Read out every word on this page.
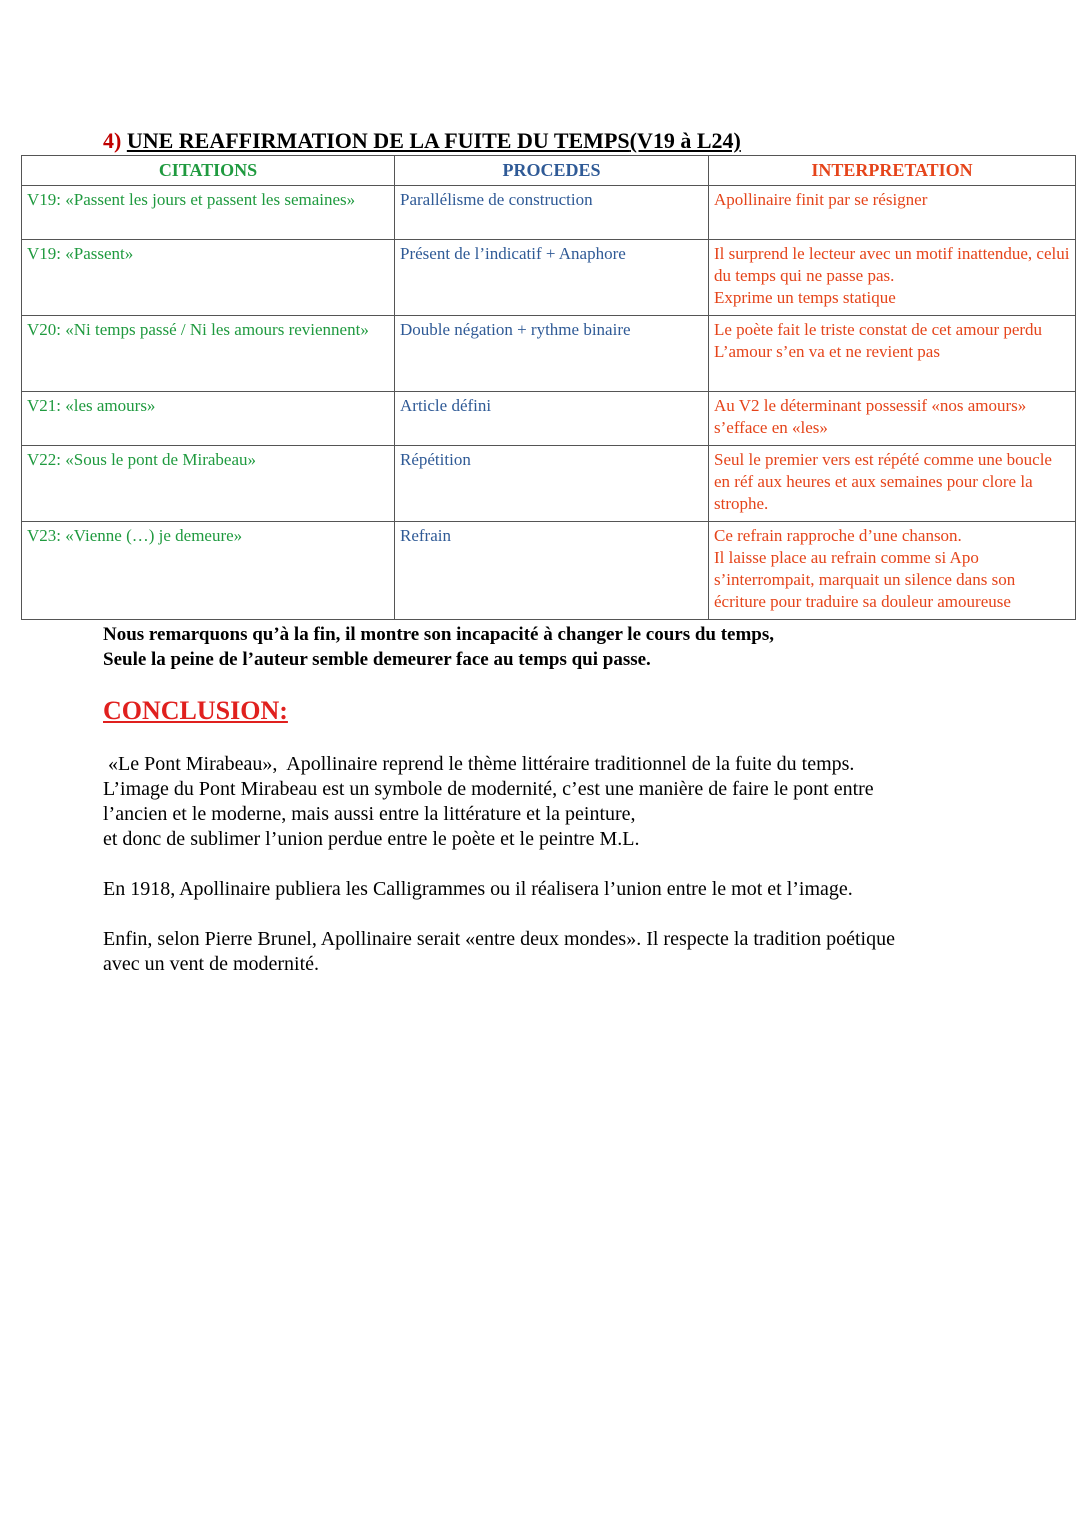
4) UNE REAFFIRMATION DE LA FUITE DU TEMPS(V19 à L24)
CITATIONS	PROCEDES	INTERPRETATION
V19: «Passent les jours et passent les semaines»	Parallélisme de construction	Apollinaire finit par se résigner

V19: «Passent»	Présent de l’indicatif + Anaphore	Il surprend le lecteur avec un motif inattendue, celui du temps qui ne passe pas.
Exprime un temps statique

V20: «Ni temps passé / Ni les amours reviennent»	Double négation + rythme binaire	Le poète fait le triste constat de cet amour perdu
L’amour s’en va et ne revient pas

V21: «les amours»	Article défini	Au V2 le déterminant possessif «nos amours» s’efface en «les»

V22: «Sous le pont de Mirabeau»	Répétition	Seul le premier vers est répété comme une boucle en réf aux heures et aux semaines pour clore la strophe.

V23: «Vienne (…) je demeure»	Refrain	Ce refrain rapproche d’une chanson.
Il laisse place au refrain comme si Apo s’interrompait, marquait un silence dans son écriture pour traduire sa douleur amoureuse
Nous remarquons qu’à la fin, il montre son incapacité à changer le cours du temps,
Seule la peine de l’auteur semble demeurer face au temps qui passe.
CONCLUSION:
«Le Pont Mirabeau»,  Apollinaire reprend le thème littéraire traditionnel de la fuite du temps.
L’image du Pont Mirabeau est un symbole de modernité, c’est une manière de faire le pont entre
l’ancien et le moderne, mais aussi entre la littérature et la peinture,
et donc de sublimer l’union perdue entre le poète et le peintre M.L.
En 1918, Apollinaire publiera les Calligrammes ou il réalisera l’union entre le mot et l’image.
Enfin, selon Pierre Brunel, Apollinaire serait «entre deux mondes». Il respecte la tradition poétique
avec un vent de modernité.
